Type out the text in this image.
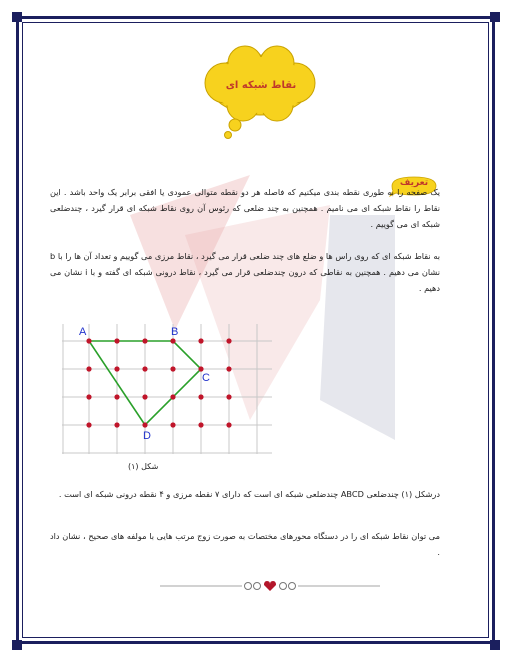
نقاط شبکه ای
تعریف
یک صفحه را به طوری نقطه بندی میکنیم که فاصله هر دو نقطه متوالی عمودی یا افقی برابر یک واحد باشد . این نقاط را نقاط شبکه ای می نامیم . همچنین به چند ضلعی که رئوس آن روی نقاط شبکه ای قرار گیرد ، چندضلعی شبکه ای می گوییم .
به نقاط شبکه ای که روی راس ها و ضلع های چند ضلعی قرار می گیرد ، نقاط مرزی می گوییم و تعداد آن ها را با b نشان می دهیم . همچنین به نقاطی که درون چندضلعی قرار می گیرد ، نقاط درونی شبکه ای گفته و با i نشان می دهیم .
A	B
C
D
شکل (۱)
درشکل (۱) چندضلعی ABCD چندضلعی شبکه ای است که دارای ۷ نقطه مرزی و ۴ نقطه درونی شبکه ای است .
می توان نقاط شبکه ای را در دستگاه محورهای مختصات به صورت زوج مرتب هایی با مولفه های صحیح ، نشان داد .
